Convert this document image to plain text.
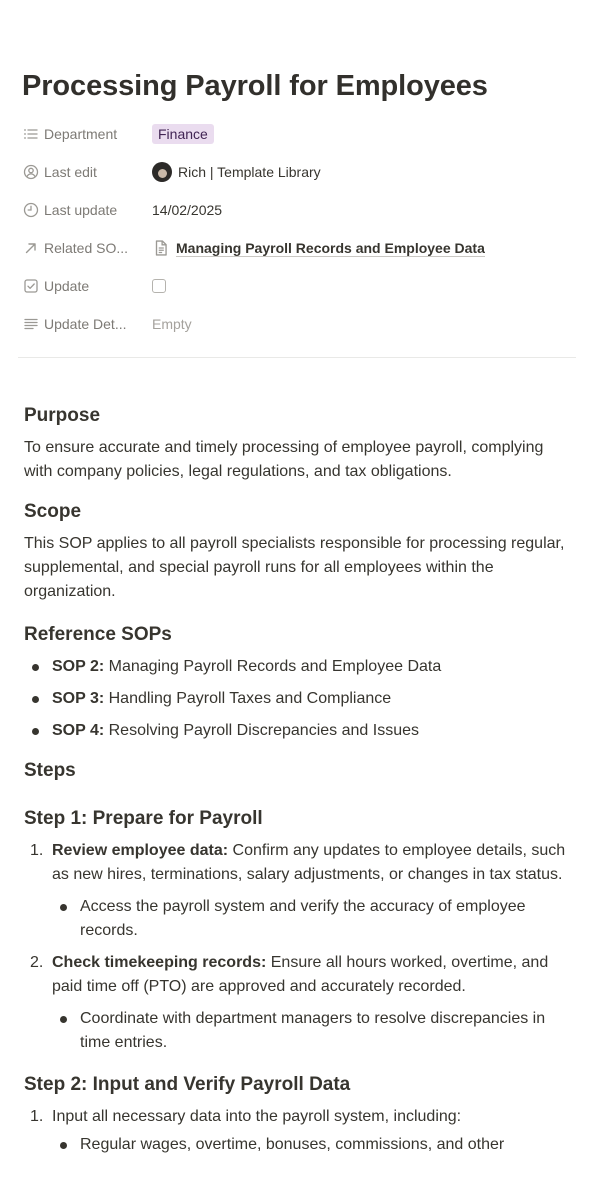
Processing Payroll for Employees
Department	Finance
Last edit	Rich | Template Library
Last update 14/02/2025
Related SO...	Managing Payroll Records and Employee Data
Update
Update Det... Empty
Purpose

To ensure accurate and timely processing of employee payroll, complying with company policies, legal regulations, and tax obligations.

Scope

This SOP applies to all payroll specialists responsible for processing regular, supplemental, and special payroll runs for all employees within the organization.

Reference SOPs
SOP 2: Managing Payroll Records and Employee Data
SOP 3: Handling Payroll Taxes and Compliance
SOP 4: Resolving Payroll Discrepancies and Issues
Steps
Step 1: Prepare for Payroll
1. Review employee data: Confirm any updates to employee details, such as new hires, terminations, salary adjustments, or changes in tax status.
Access the payroll system and verify the accuracy of employee records.
2. Check timekeeping records: Ensure all hours worked, overtime, and paid time off (PTO) are approved and accurately recorded.
Coordinate with department managers to resolve discrepancies in time entries.
Step 2: Input and Verify Payroll Data
1. Input all necessary data into the payroll system, including:
Regular wages, overtime, bonuses, commissions, and other
